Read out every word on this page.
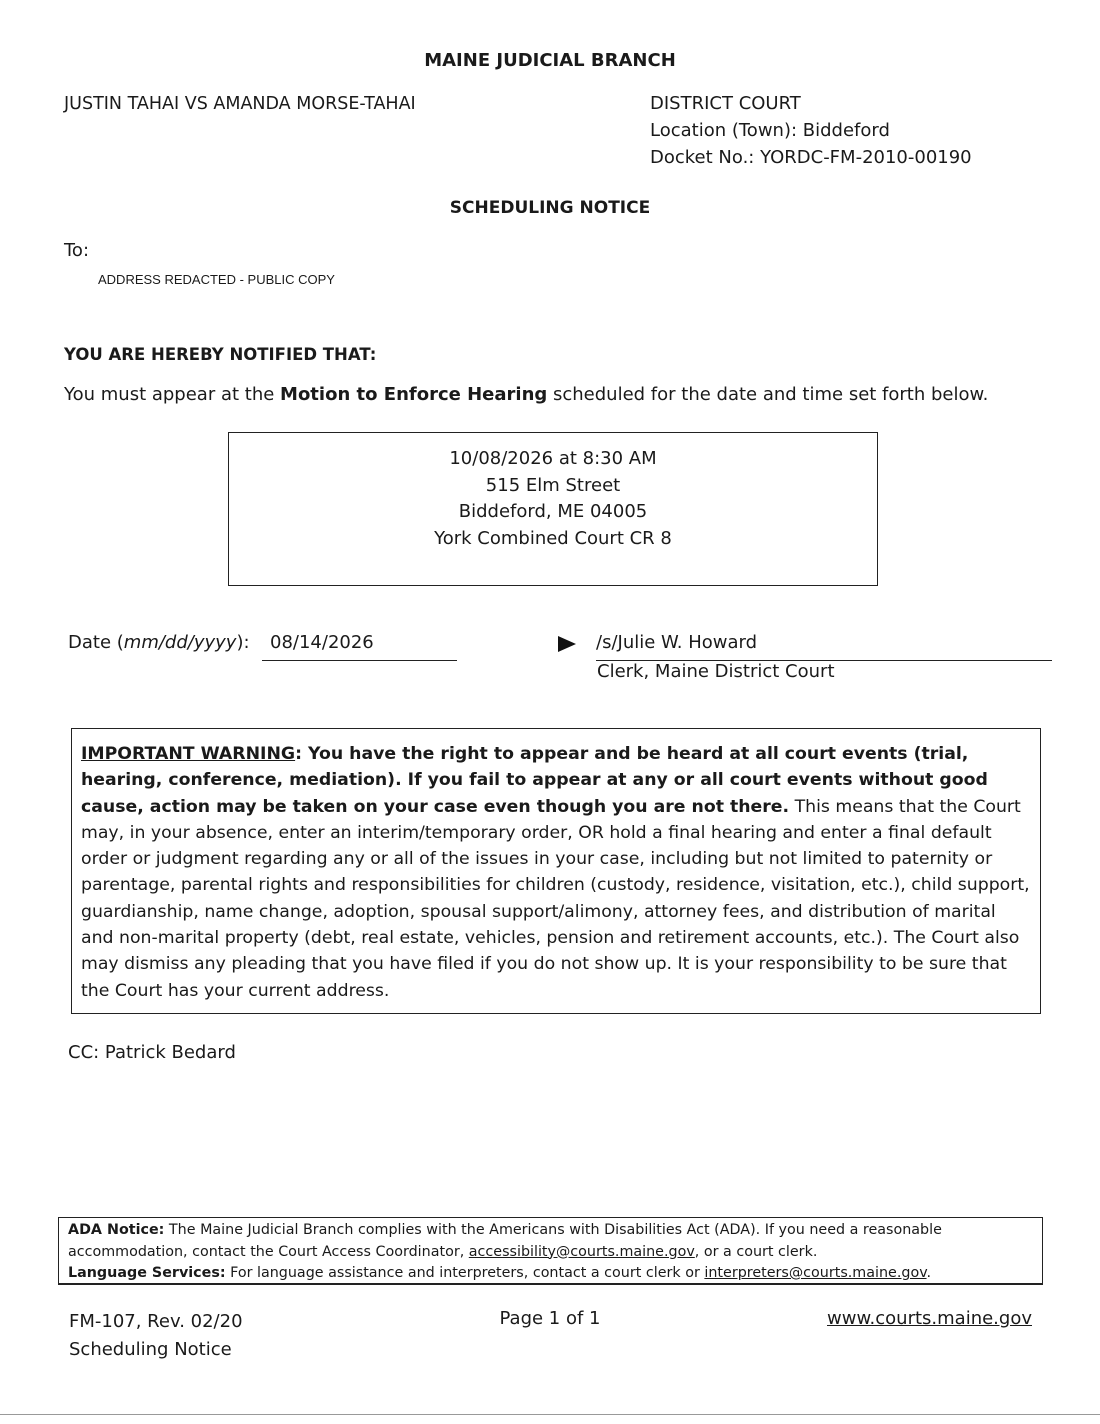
MAINE JUDICIAL BRANCH
JUSTIN TAHAI VS AMANDA MORSE-TAHAI	DISTRICT COURT
Location (Town): Biddeford
Docket No.: YORDC-FM-2010-00190
SCHEDULING NOTICE
To:
ADDRESS REDACTED - PUBLIC COPY
YOU ARE HEREBY NOTIFIED THAT:
You must appear at the Motion to Enforce Hearing scheduled for the date and time set forth below.
10/08/2026 at 8:30 AM
515 Elm Street
Biddeford, ME 04005
York Combined Court CR 8
Date (mm/dd/yyyy):	08/14/2026	/s/Julie W. Howard
Clerk, Maine District Court
IMPORTANT WARNING: You have the right to appear and be heard at all court events (trial, hearing, conference, mediation). If you fail to appear at any or all court events without good cause, action may be taken on your case even though you are not there. This means that the Court may, in your absence, enter an interim/temporary order, OR hold a final hearing and enter a final default order or judgment regarding any or all of the issues in your case, including but not limited to paternity or parentage, parental rights and responsibilities for children (custody, residence, visitation, etc.), child support, guardianship, name change, adoption, spousal support/alimony, attorney fees, and distribution of marital and non-marital property (debt, real estate, vehicles, pension and retirement accounts, etc.). The Court also may dismiss any pleading that you have filed if you do not show up. It is your responsibility to be sure that the Court has your current address.
CC: Patrick Bedard
ADA Notice: The Maine Judicial Branch complies with the Americans with Disabilities Act (ADA). If you need a reasonable accommodation, contact the Court Access Coordinator, accessibility@courts.maine.gov, or a court clerk.
Language Services: For language assistance and interpreters, contact a court clerk or interpreters@courts.maine.gov.
FM-107, Rev. 02/20
Scheduling Notice
Page 1 of 1	www.courts.maine.gov
